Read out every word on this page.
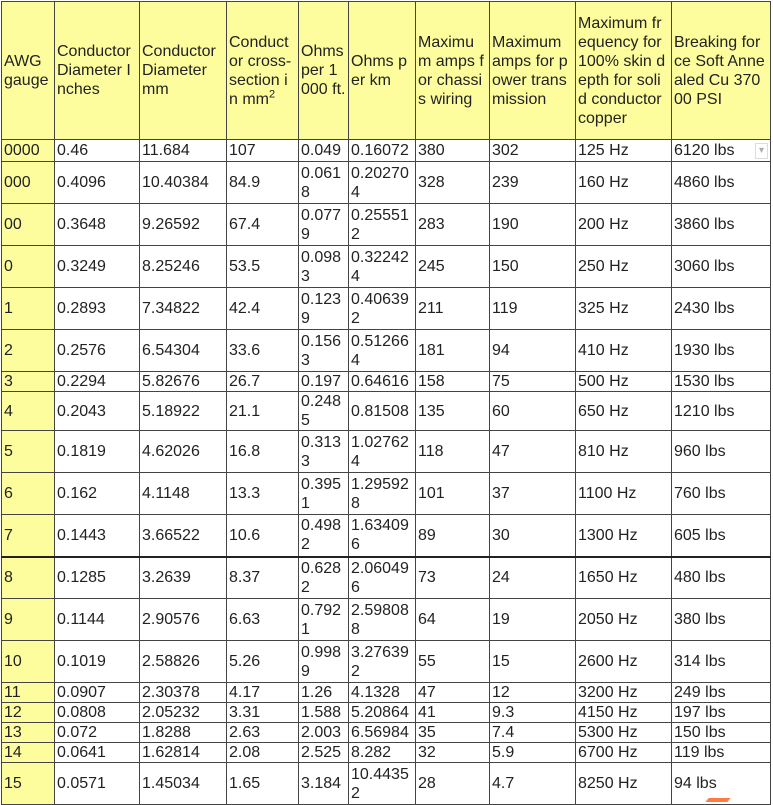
AWG gauge	Conductor Diameter Inches	Conductor Diameter mm	Conductor cross-section in $mm^2$	Ohms per 1000 ft.	Ohms per km	Maximum amps for chassis wiring	Maximum amps for power transmission	Maximum frequency for 100% skin depth for solid conductor copper	Breaking force Soft Annealed Cu 37000 PSI
0000	0.46	11.684	107	0.049	0.16072	380	302	125 Hz	6120 lbs ▾

000	0.4096	10.40384	84.9	0.0618	0.202704	328	239	160 Hz	4860 lbs
00	0.3648	9.26592	67.4	0.0779	0.255512	283	190	200 Hz	3860 lbs
0	0.3249	8.25246	53.5	0.0983	0.322424	245	150	250 Hz	3060 lbs
1	0.2893	7.34822	42.4	0.1239	0.406392	211	119	325 Hz	2430 lbs
2	0.2576	6.54304	33.6	0.1563	0.512664	181	94	410 Hz	1930 lbs
3	0.2294	5.82676	26.7	0.197	0.64616	158	75	500 Hz	1530 lbs
4	0.2043	5.18922	21.1	0.2485	0.81508	135	60	650 Hz	1210 lbs
5	0.1819	4.62026	16.8	0.3133	1.027624	118	47	810 Hz	960 lbs
6	0.162	4.1148	13.3	0.3951	1.295928	101	37	1100 Hz	760 lbs
7	0.1443	3.66522	10.6	0.4982	1.634096	89	30	1300 Hz	605 lbs
8	0.1285	3.2639	8.37	0.6282	2.060496	73	24	1650 Hz	480 lbs
9	0.1144	2.90576	6.63	0.7921	2.598088	64	19	2050 Hz	380 lbs
10	0.1019	2.58826	5.26	0.9989	3.276392	55	15	2600 Hz	314 lbs
11	0.0907	2.30378	4.17	1.26	4.1328	47	12	3200 Hz	249 lbs
12	0.0808	2.05232	3.31	1.588	5.20864	41	9.3	4150 Hz	197 lbs
13	0.072	1.8288	2.63	2.003	6.56984	35	7.4	5300 Hz	150 lbs
14	0.0641	1.62814	2.08	2.525	8.282	32	5.9	6700 Hz	119 lbs
15	0.0571	1.45034	1.65	3.184	10.44352	28	4.7	8250 Hz	94 lbs
